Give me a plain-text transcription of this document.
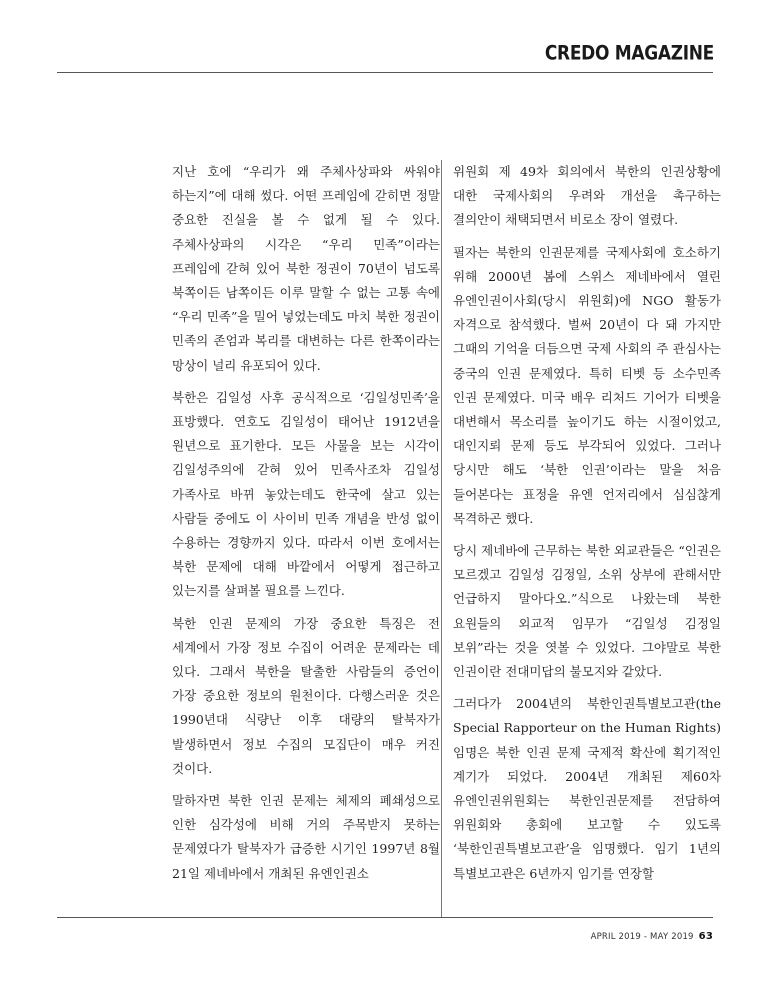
CREDO MAGAZINE

지난 호에 “우리가 왜 주체사상파와 싸워야 하는지”에 대해 썼다. 어떤 프레임에 갇히면 정말 중요한 진실을 볼 수 없게 될 수 있다. 주체사상파의 시각은 “우리 민족”이라는 프레임에 갇혀 있어 북한 정권이 70년이 넘도록 북쪽이든 남쪽이든 이루 말할 수 없는 고통 속에 “우리 민족”을 밀어 넣었는데도 마치 북한 정권이 민족의 존엄과 복리를 대변하는 다른 한쪽이라는 망상이 널리 유포되어 있다.

북한은 김일성 사후 공식적으로 ‘김일성민족’을 표방했다. 연호도 김일성이 태어난 1912년을 원년으로 표기한다. 모든 사물을 보는 시각이 김일성주의에 갇혀 있어 민족사조차 김일성 가족사로 바뀌 놓았는데도 한국에 살고 있는 사람들 중에도 이 사이비 민족 개념을 반성 없이 수용하는 경향까지 있다. 따라서 이번 호에서는 북한 문제에 대해 바깥에서 어떻게 접근하고 있는지를 살펴볼 필요를 느낀다.

북한 인권 문제의 가장 중요한 특징은 전 세계에서 가장 정보 수집이 어려운 문제라는 데 있다. 그래서 북한을 탈출한 사람들의 증언이 가장 중요한 정보의 원천이다. 다행스러운 것은 1990년대 식량난 이후 대량의 탈북자가 발생하면서 정보 수집의 모집단이 매우 커진 것이다.

말하자면 북한 인권 문제는 체제의 폐쇄성으로 인한 심각성에 비해 거의 주목받지 못하는 문제였다가 탈북자가 급증한 시기인 1997년 8월 21일 제네바에서 개최된 유엔인권소

위원회 제 49차 회의에서 북한의 인권상황에 대한 국제사회의 우려와 개선을 촉구하는 결의안이 채택되면서 비로소 장이 열렸다.

필자는 북한의 인권문제를 국제사회에 호소하기 위해 2000년 봄에 스위스 제네바에서 열린 유엔인권이사회(당시 위원회)에 NGO 활동가 자격으로 참석했다. 벌써 20년이 다 돼 가지만 그때의 기억을 더듬으면 국제 사회의 주 관심사는 중국의 인권 문제였다. 특히 티벳 등 소수민족 인권 문제였다. 미국 배우 리처드 기어가 티벳을 대변해서 목소리를 높이기도 하는 시절이었고, 대인지뢰 문제 등도 부각되어 있었다. 그러나 당시만 해도 ‘북한 인권’이라는 말을 처음 들어본다는 표정을 유엔 언저리에서 심심찮게 목격하곤 했다.

당시 제네바에 근무하는 북한 외교관들은 “인권은 모르겠고 김일성 김정일, 소위 상부에 관해서만 언급하지 말아다오.”식으로 나왔는데 북한 요원들의 외교적 임무가 “김일성 김정일 보위”라는 것을 엿볼 수 있었다. 그야말로 북한 인권이란 전대미답의 불모지와 같았다.

그러다가 2004년의 북한인권특별보고관(the Special Rapporteur on the Human Rights) 임명은 북한 인권 문제 국제적 확산에 획기적인 계기가 되었다. 2004년 개최된 제60차 유엔인권위원회는 북한인권문제를 전담하여 위원회와 총회에 보고할 수 있도록 ‘북한인권특별보고관’을 임명했다. 임기 1년의 특별보고관은 6년까지 임기를 연장할

APRIL 2019 - MAY 2019 63
